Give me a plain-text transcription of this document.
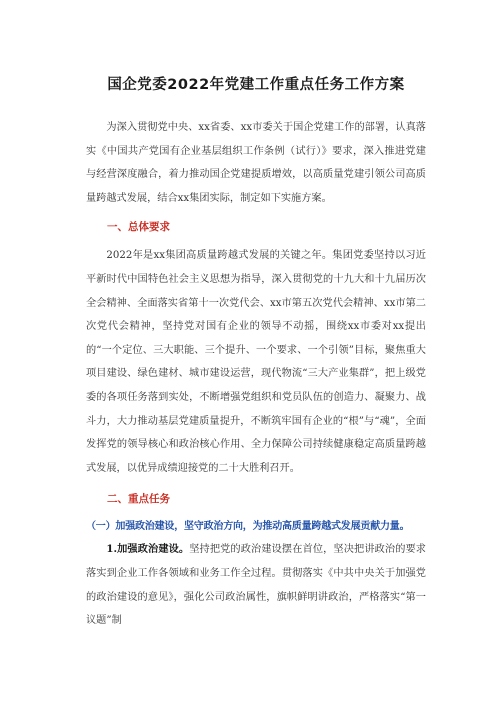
国企党委2022年党建工作重点任务工作方案

为深入贯彻党中央、xx省委、xx市委关于国企党建工作的部署，认真落实《中国共产党国有企业基层组织工作条例（试行）》要求，深入推进党建与经营深度融合，着力推动国企党建提质增效，以高质量党建引领公司高质量跨越式发展，结合xx集团实际，制定如下实施方案。

一、总体要求

2022年是xx集团高质量跨越式发展的关键之年。集团党委坚持以习近平新时代中国特色社会主义思想为指导，深入贯彻党的十九大和十九届历次全会精神、全面落实省第十一次党代会、xx市第五次党代会精神、xx市第二次党代会精神，坚持党对国有企业的领导不动摇，围绕xx市委对xx提出的“一个定位、三大职能、三个提升、一个要求、一个引领”目标，聚焦重大项目建设、绿色建材、城市建设运营，现代物流“三大产业集群”，把上级党委的各项任务落到实处，不断增强党组织和党员队伍的创造力、凝聚力、战斗力，大力推动基层党建质量提升，不断筑牢国有企业的“根”与“魂”，全面发挥党的领导核心和政治核心作用、全力保障公司持续健康稳定高质量跨越式发展，以优异成绩迎接党的二十大胜利召开。

二、重点任务
（一）加强政治建设，坚守政治方向，为推动高质量跨越式发展贡献力量。

1.加强政治建设。坚持把党的政治建设摆在首位，坚决把讲政治的要求落实到企业工作各领域和业务工作全过程。贯彻落实《中共中央关于加强党的政治建设的意见》，强化公司政治属性，旗帜鲜明讲政治，严格落实“第一议题”制
